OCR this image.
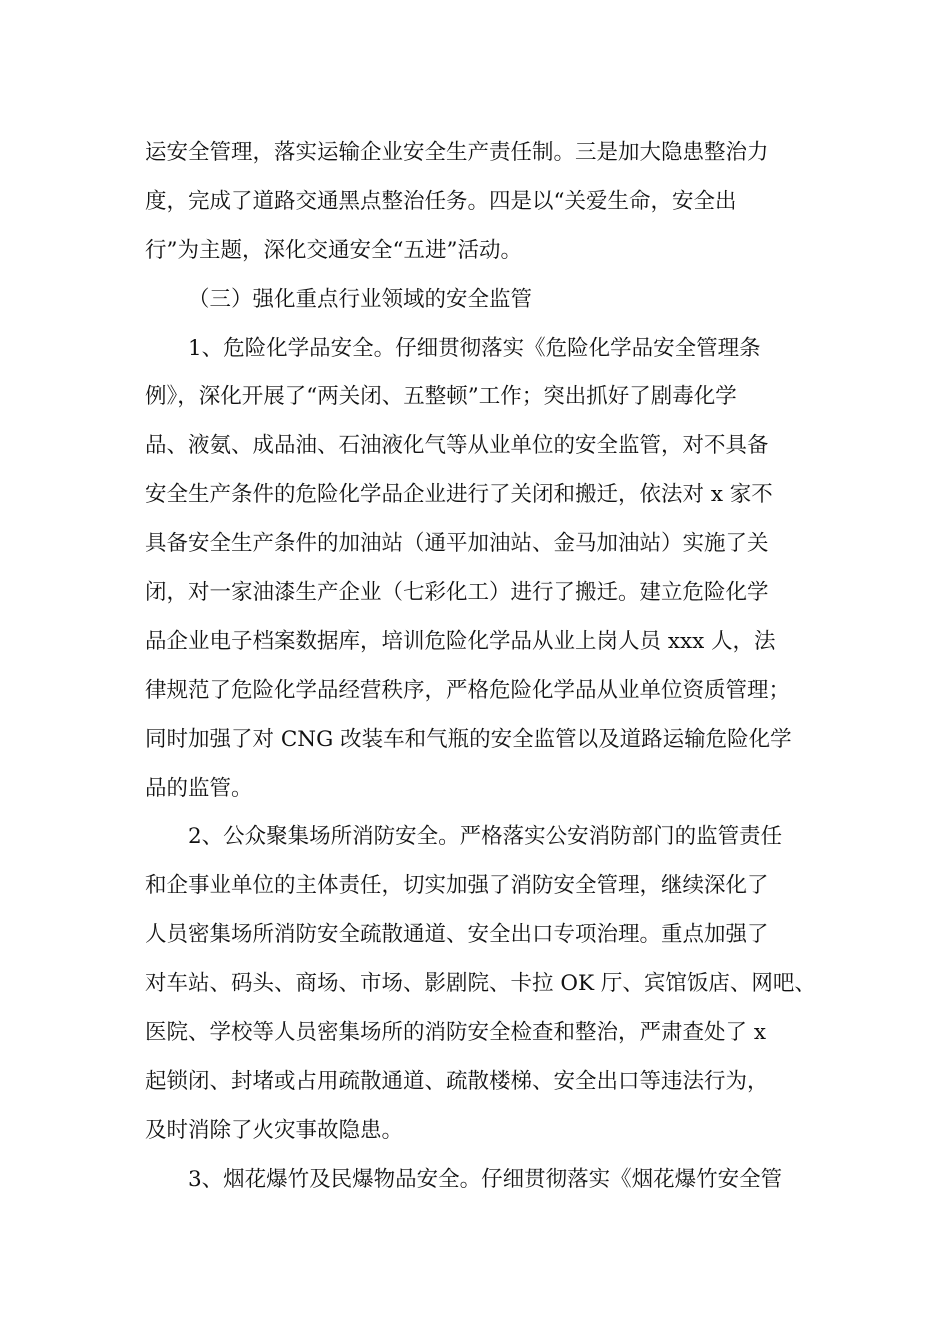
运安全管理，落实运输企业安全生产责任制。三是加大隐患整治力
度，完成了道路交通黑点整治任务。四是以“关爱生命，安全出
行”为主题，深化交通安全“五进”活动。
（三）强化重点行业领域的安全监管
1、危险化学品安全。仔细贯彻落实《危险化学品安全管理条
例》，深化开展了“两关闭、五整顿”工作；突出抓好了剧毒化学
品、液氨、成品油、石油液化气等从业单位的安全监管，对不具备
安全生产条件的危险化学品企业进行了关闭和搬迁，依法对 x 家不
具备安全生产条件的加油站（通平加油站、金马加油站）实施了关
闭，对一家油漆生产企业（七彩化工）进行了搬迁。建立危险化学
品企业电子档案数据库，培训危险化学品从业上岗人员 xxx 人，法
律规范了危险化学品经营秩序，严格危险化学品从业单位资质管理；
同时加强了对 CNG 改装车和气瓶的安全监管以及道路运输危险化学
品的监管。
2、公众聚集场所消防安全。严格落实公安消防部门的监管责任
和企事业单位的主体责任，切实加强了消防安全管理，继续深化了
人员密集场所消防安全疏散通道、安全出口专项治理。重点加强了
对车站、码头、商场、市场、影剧院、卡拉 OK 厅、宾馆饭店、网吧、
医院、学校等人员密集场所的消防安全检查和整治，严肃查处了 x
起锁闭、封堵或占用疏散通道、疏散楼梯、安全出口等违法行为，
及时消除了火灾事故隐患。
3、烟花爆竹及民爆物品安全。仔细贯彻落实《烟花爆竹安全管
